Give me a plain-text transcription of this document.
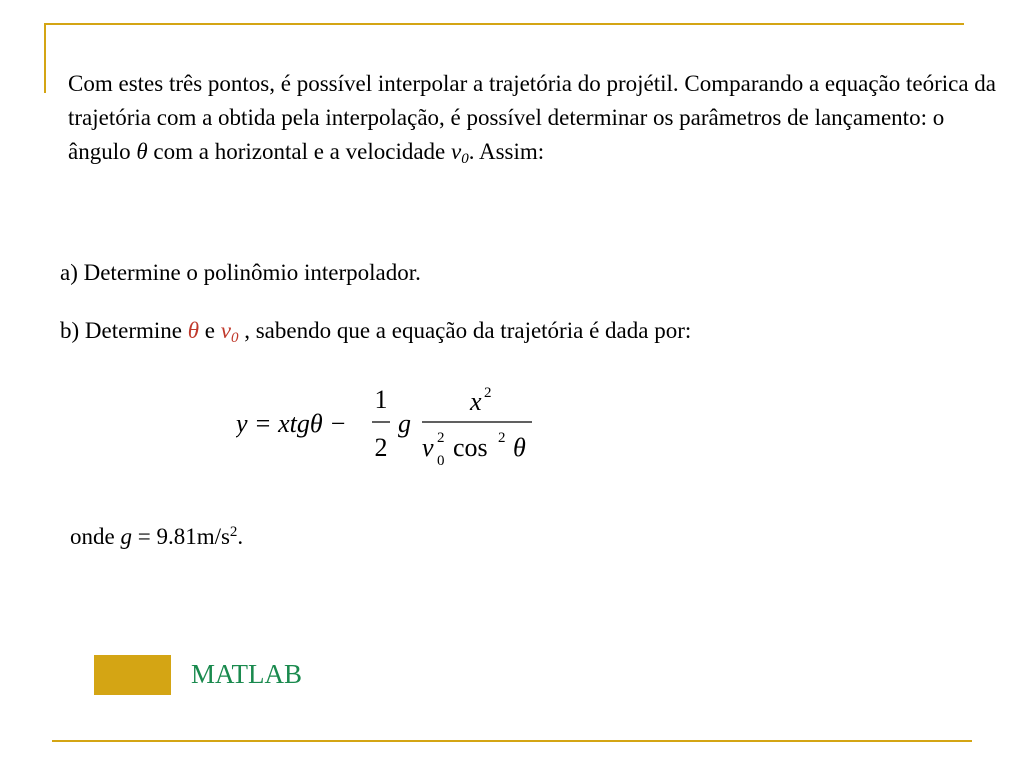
Com estes três pontos, é possível interpolar a trajetória do projétil. Comparando a equação teórica da trajetória com a obtida pela interpolação, é possível determinar os parâmetros de lançamento: o ângulo θ com a horizontal e a velocidade $v_0$. Assim:

a) Determine o polinômio interpolador.

b) Determine θ e $v_0$ , sabendo que a equação da trajetória é dada por:

y = xtgθ −
1
2
g
x 2
v 2
0 cos 2 θ

onde $g = 9.81m/s^2$.

MATLAB
